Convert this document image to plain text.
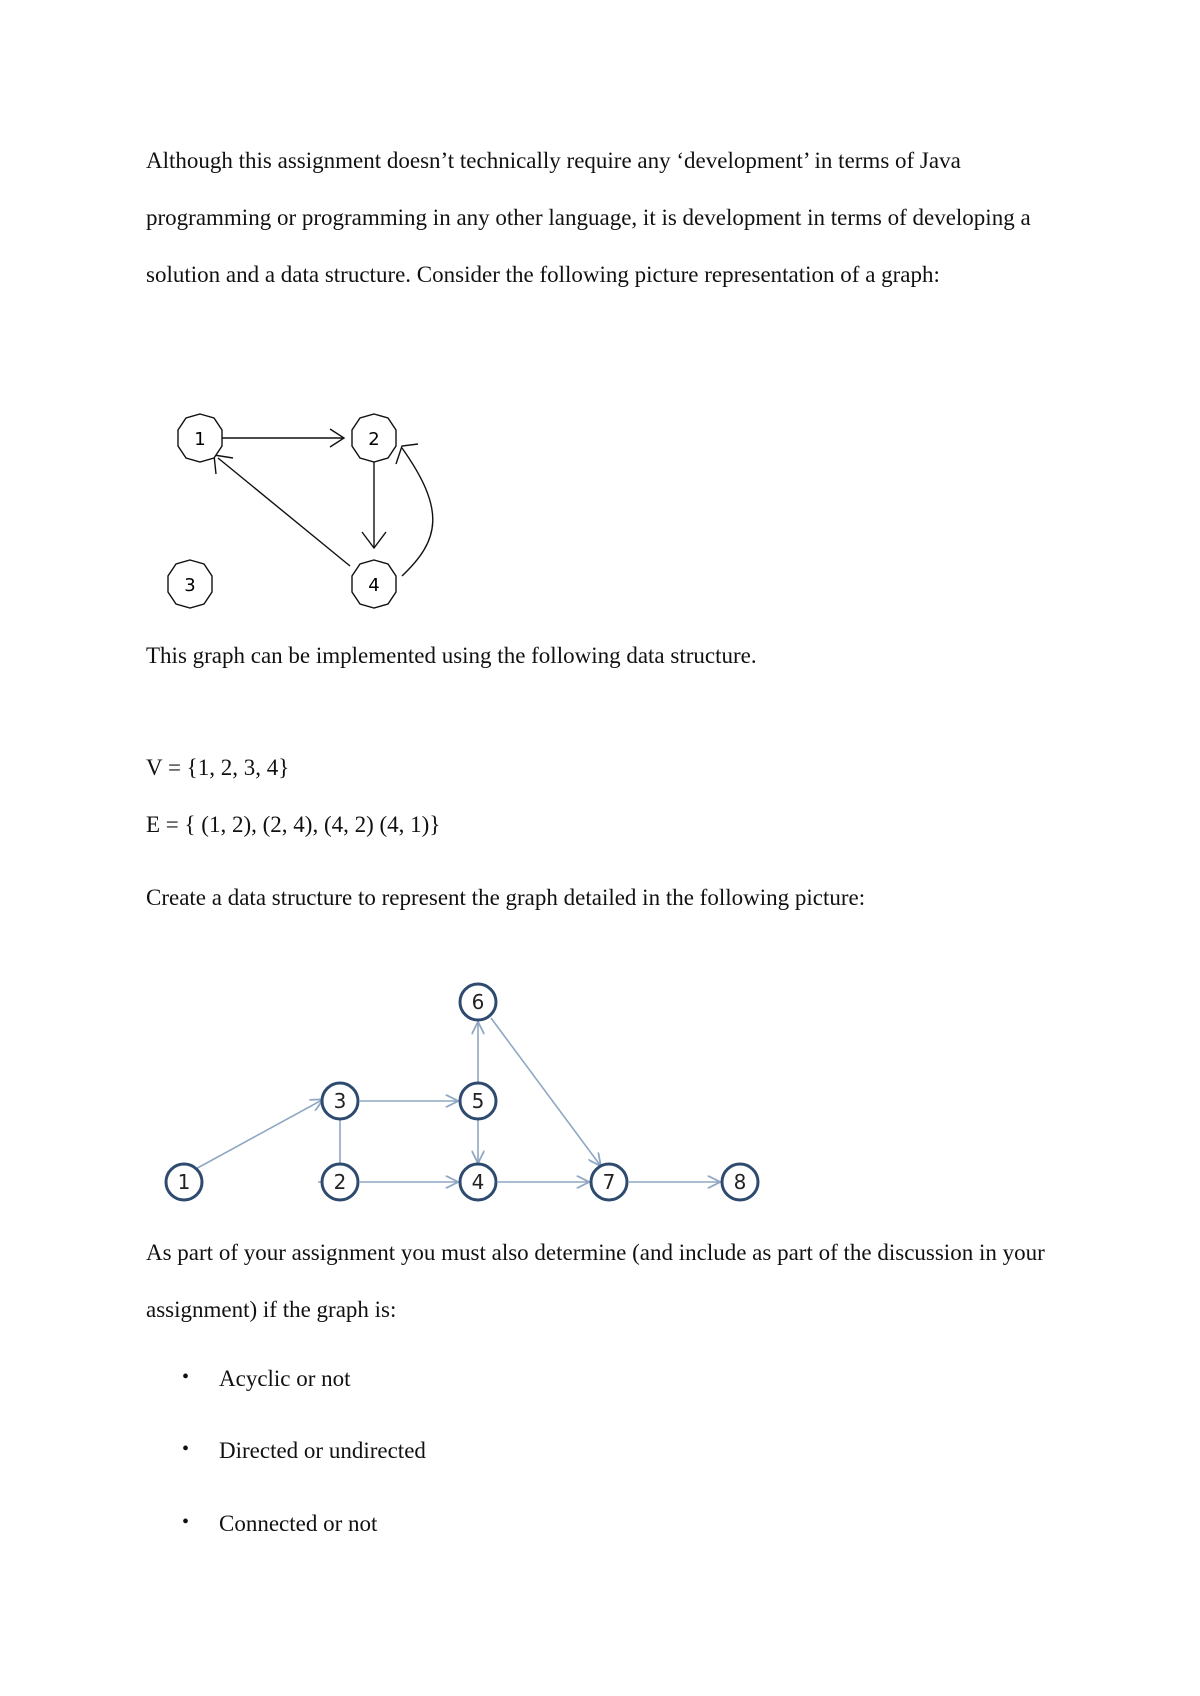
Although this assignment doesn’t technically require any ‘development’ in terms of Java programming or programming in any other language, it is development in terms of developing a solution and a data structure. Consider the following picture representation of a graph:

1	2
3	4

This graph can be implemented using the following data structure.

V = {1, 2, 3, 4}

E = { (1, 2), (2, 4), (4, 2) (4, 1)}

Create a data structure to represent the graph detailed in the following picture:

1	2
3
4
5
6
7	8

As part of your assignment you must also determine (and include as part of the discussion in your assignment) if the graph is:

• Acyclic or not
• Directed or undirected
• Connected or not
